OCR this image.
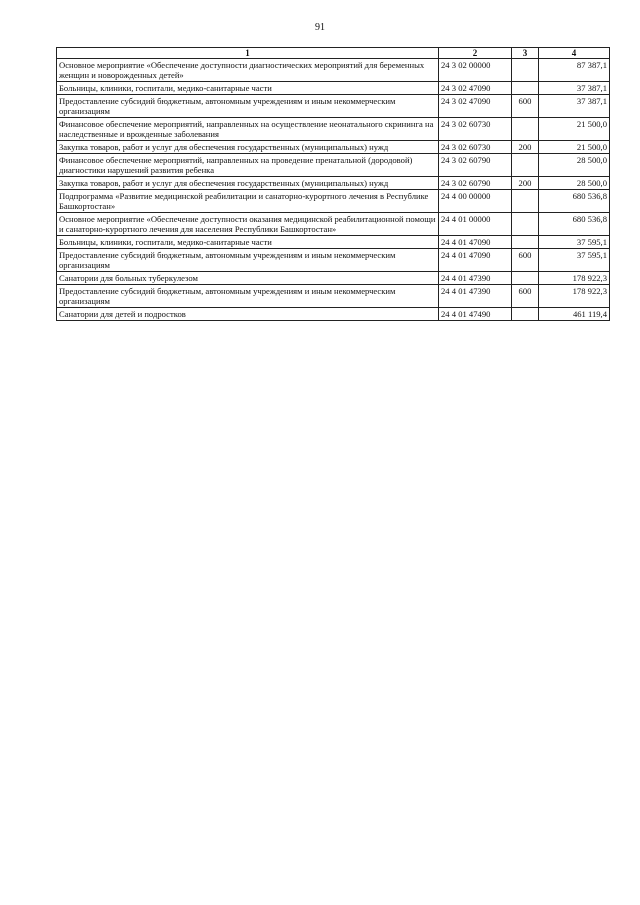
91
1	2	3	4
Основное мероприятие «Обеспечение доступности диагностических мероприятий для беременных женщин и новорожденных детей»	24 3 02 00000		87 387,1
Больницы, клиники, госпитали, медико-санитарные части	24 3 02 47090		37 387,1
Предоставление субсидий бюджетным, автономным учреждениям и иным некоммерческим организациям	24 3 02 47090	600	37 387,1
Финансовое обеспечение мероприятий, направленных на осуществление неонатального скрининга на наследственные и врожденные заболевания	24 3 02 60730		21 500,0
Закупка товаров, работ и услуг для обеспечения государственных (муниципальных) нужд	24 3 02 60730	200	21 500,0
Финансовое обеспечение мероприятий, направленных на проведение пренатальной (дородовой) диагностики нарушений развития ребенка	24 3 02 60790		28 500,0
Закупка товаров, работ и услуг для обеспечения государственных (муниципальных) нужд	24 3 02 60790	200	28 500,0
Подпрограмма «Развитие медицинской реабилитации и санаторно-курортного лечения в Республике Башкортостан»	24 4 00 00000		680 536,8
Основное мероприятие «Обеспечение доступности оказания медицинской реабилитационной помощи и санаторно-курортного лечения для населения Республики Башкортостан»	24 4 01 00000		680 536,8
Больницы, клиники, госпитали, медико-санитарные части	24 4 01 47090		37 595,1
Предоставление субсидий бюджетным, автономным учреждениям и иным некоммерческим организациям	24 4 01 47090	600	37 595,1
Санатории для больных туберкулезом	24 4 01 47390		178 922,3
Предоставление субсидий бюджетным, автономным учреждениям и иным некоммерческим организациям	24 4 01 47390	600	178 922,3
Санатории для детей и подростков	24 4 01 47490		461 119,4
